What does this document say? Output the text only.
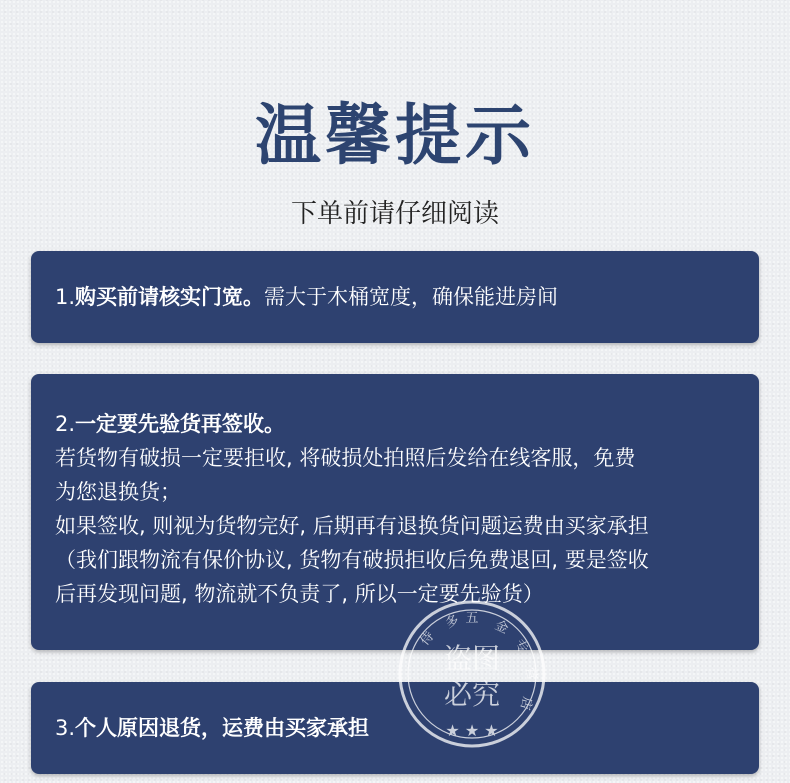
温馨提示
下单前请仔细阅读
1.购买前请核实门宽。需大于木桶宽度，确保能进房间
2.一定要先验货再签收。
若货物有破损一定要拒收, 将破损处拍照后发给在线客服，免费
为您退换货；
如果签收, 则视为货物完好, 后期再有退换货问题运费由买家承担
（我们跟物流有保价协议, 货物有破损拒收后免费退回, 要是签收
后再发现问题, 物流就不负责了, 所以一定要先验货）
3.个人原因退货，运费由买家承担
侍
多 五 金
专
营
店
盗图
必究
★ ★ ★
